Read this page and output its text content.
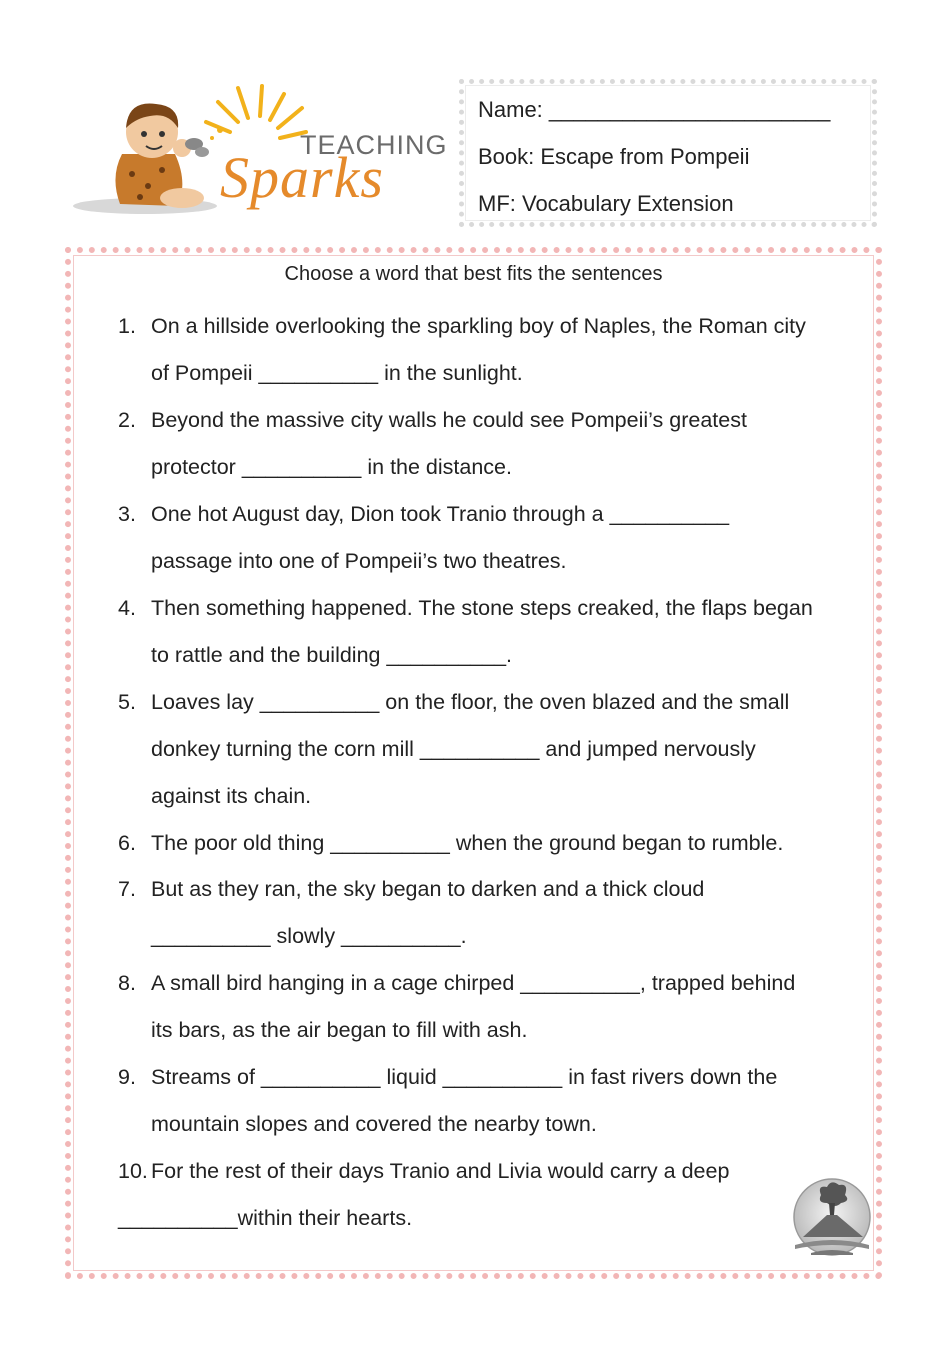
TEACHING
Sparks
Name: _______________________
Book: Escape from Pompeii
MF: Vocabulary Extension
Choose a word that best fits the sentences
1. On a hillside overlooking the sparkling boy of Naples, the Roman city
of Pompeii __________ in the sunlight.
2. Beyond the massive city walls he could see Pompeii’s greatest
protector __________ in the distance.
3. One hot August day, Dion took Tranio through a __________
passage into one of Pompeii’s two theatres.
4. Then something happened. The stone steps creaked, the flaps began
to rattle and the building __________.
5. Loaves lay __________ on the floor, the oven blazed and the small
donkey turning the corn mill __________ and jumped nervously
against its chain.
6. The poor old thing __________ when the ground began to rumble.
7. But as they ran, the sky began to darken and a thick cloud
__________ slowly __________.
8. A small bird hanging in a cage chirped __________, trapped behind
its bars, as the air began to fill with ash.
9. Streams of __________ liquid __________ in fast rivers down the
mountain slopes and covered the nearby town.
10. For the rest of their days Tranio and Livia would carry a deep
__________within their hearts.
